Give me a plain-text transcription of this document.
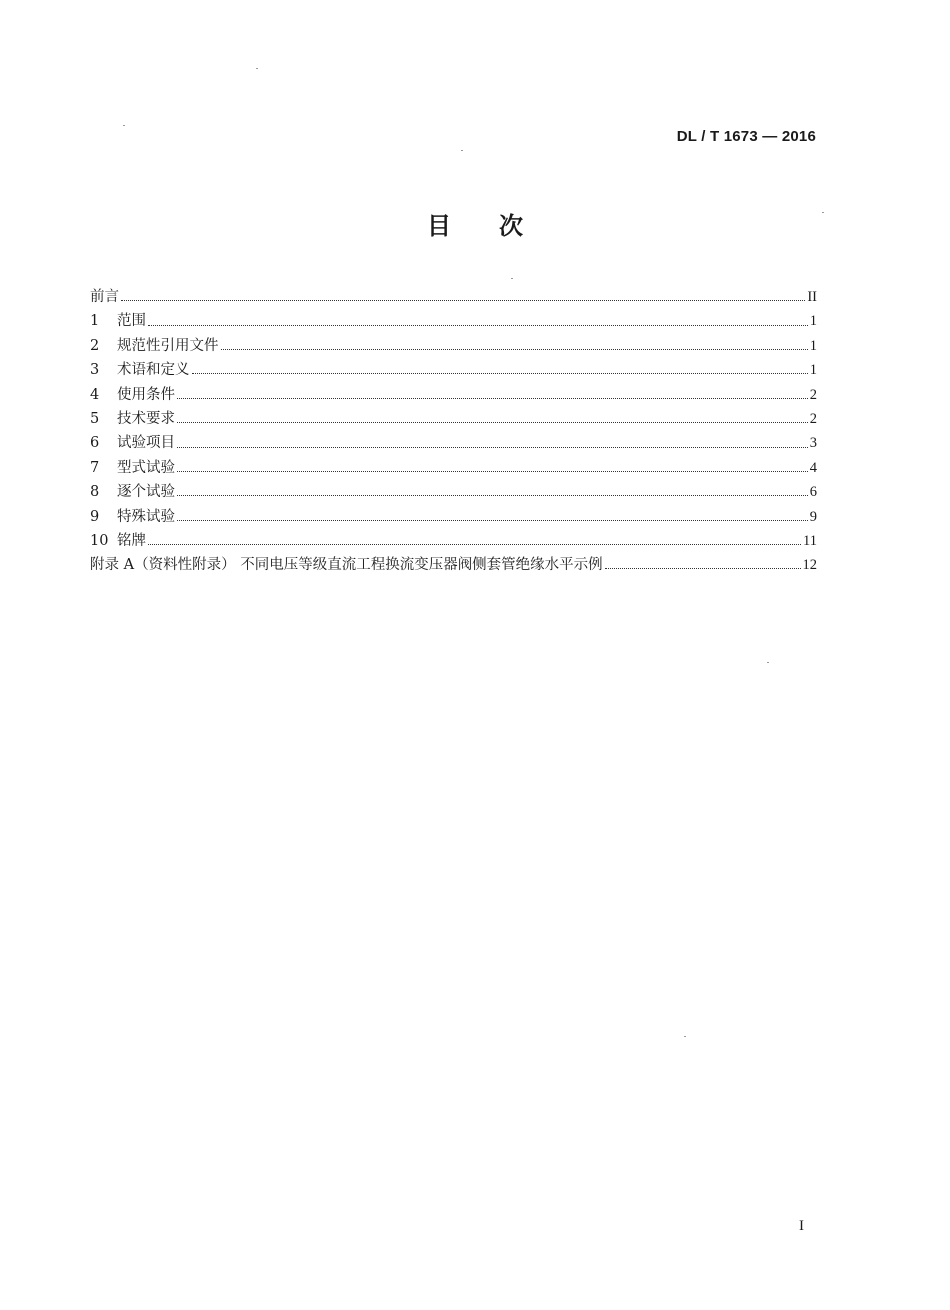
DL / T 1673 — 2016
目 次
前言	II
1	范围	1
2	规范性引用文件	1
3	术语和定义	1
4	使用条件	2
5	技术要求	2
6	试验项目	3
7	型式试验	4
8	逐个试验	6
9	特殊试验	9
10 铭牌	11
附录 A（资料性附录） 不同电压等级直流工程换流变压器阀侧套管绝缘水平示例	12
I
